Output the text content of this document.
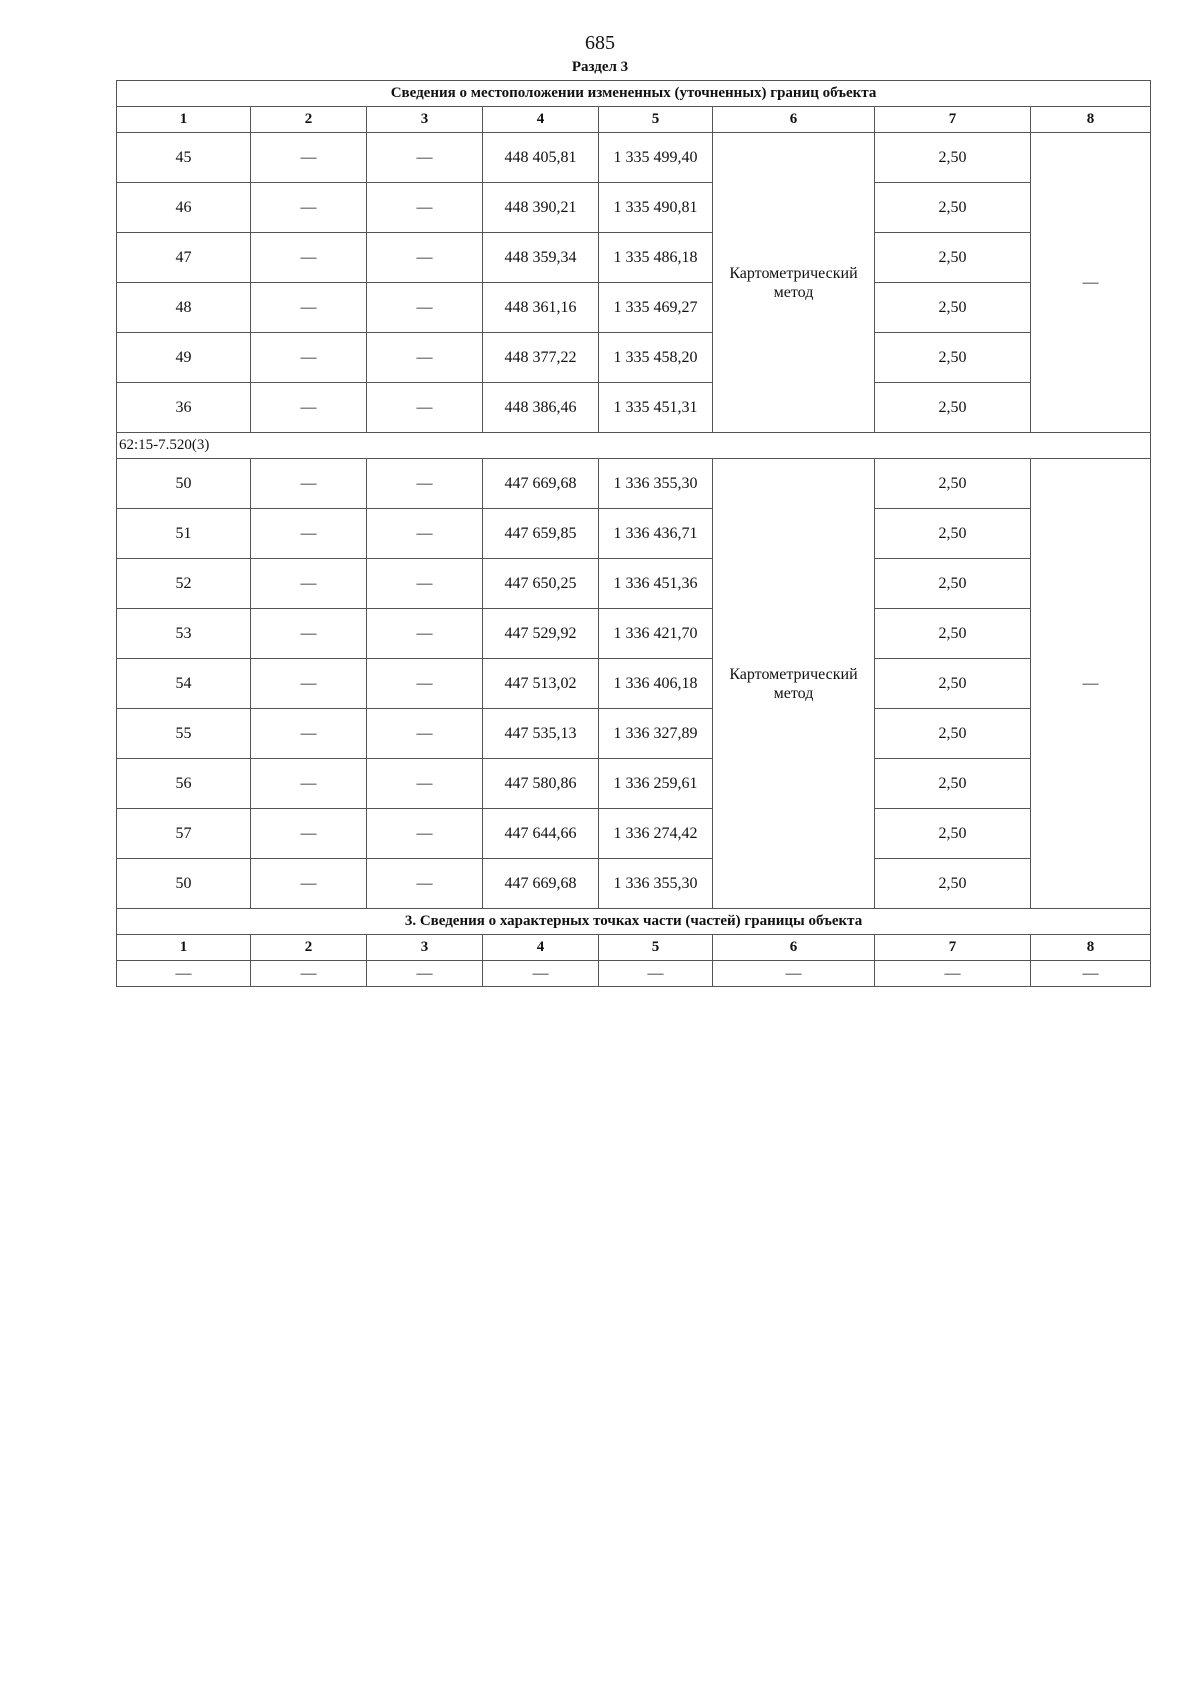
685
Раздел 3
Сведения о местоположении измененных (уточненных) границ объекта							
1	2	3	4	5	6	7	8
45	—	—	448 405,81	1 335 499,40	Картометрический метод	2,50	—
46	—	—	448 390,21	1 335 490,81		2,50	
47	—	—	448 359,34	1 335 486,18		2,50	
48	—	—	448 361,16	1 335 469,27		2,50	
49	—	—	448 377,22	1 335 458,20		2,50	
36	—	—	448 386,46	1 335 451,31		2,50	
62:15-7.520(3)							
50	—	—	447 669,68	1 336 355,30	Картометрический метод	2,50	—
51	—	—	447 659,85	1 336 436,71		2,50	
52	—	—	447 650,25	1 336 451,36		2,50	
53	—	—	447 529,92	1 336 421,70		2,50	
54	—	—	447 513,02	1 336 406,18		2,50	
55	—	—	447 535,13	1 336 327,89		2,50	
56	—	—	447 580,86	1 336 259,61		2,50	
57	—	—	447 644,66	1 336 274,42		2,50	
50	—	—	447 669,68	1 336 355,30		2,50	
3. Сведения о характерных точках части (частей) границы объекта							
1	2	3	4	5	6	7	8
—	—	—	—	—	—	—	—
